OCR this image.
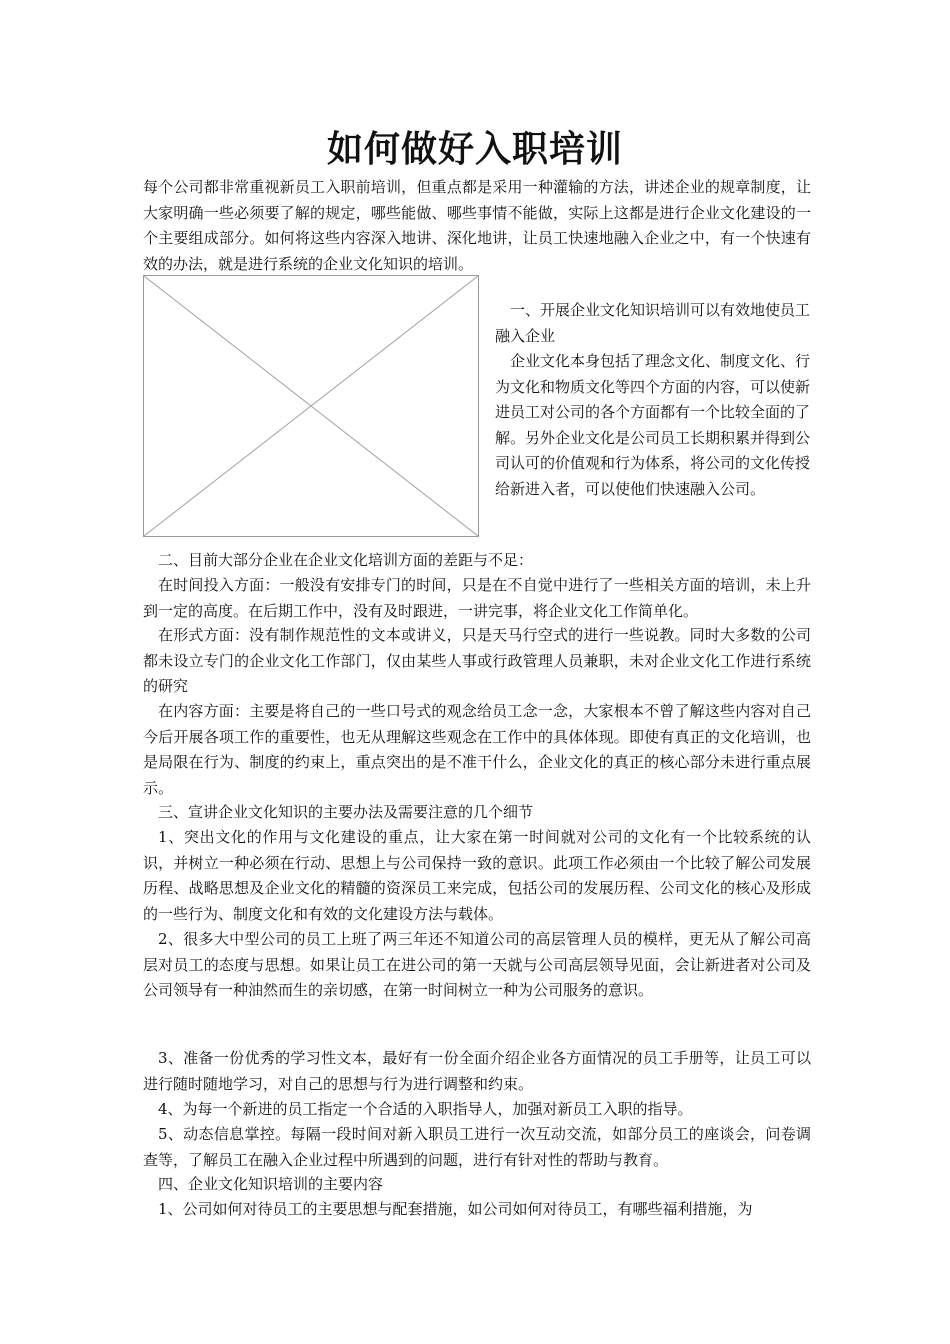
如何做好入职培训

每个公司都非常重视新员工入职前培训，但重点都是采用一种灌输的方法，讲述企业的规章制度，让大家明确一些必须要了解的规定，哪些能做、哪些事情不能做，实际上这都是进行企业文化建设的一个主要组成部分。如何将这些内容深入地讲、深化地讲，让员工快速地融入企业之中，有一个快速有效的办法，就是进行系统的企业文化知识的培训。

一、开展企业文化知识培训可以有效地使员工融入企业

企业文化本身包括了理念文化、制度文化、行为文化和物质文化等四个方面的内容，可以使新进员工对公司的各个方面都有一个比较全面的了解。另外企业文化是公司员工长期积累并得到公司认可的价值观和行为体系，将公司的文化传授给新进入者，可以使他们快速融入公司。

二、目前大部分企业在企业文化培训方面的差距与不足：

在时间投入方面：一般没有安排专门的时间，只是在不自觉中进行了一些相关方面的培训，未上升到一定的高度。在后期工作中，没有及时跟进，一讲完事，将企业文化工作简单化。

在形式方面：没有制作规范性的文本或讲义，只是天马行空式的进行一些说教。同时大多数的公司都未设立专门的企业文化工作部门，仅由某些人事或行政管理人员兼职，未对企业文化工作进行系统的研究

在内容方面：主要是将自己的一些口号式的观念给员工念一念，大家根本不曾了解这些内容对自己今后开展各项工作的重要性，也无从理解这些观念在工作中的具体体现。即使有真正的文化培训，也是局限在行为、制度的约束上，重点突出的是不准干什么，企业文化的真正的核心部分未进行重点展示。

三、宣讲企业文化知识的主要办法及需要注意的几个细节

1、突出文化的作用与文化建设的重点，让大家在第一时间就对公司的文化有一个比较系统的认识，并树立一种必须在行动、思想上与公司保持一致的意识。此项工作必须由一个比较了解公司发展历程、战略思想及企业文化的精髓的资深员工来完成，包括公司的发展历程、公司文化的核心及形成的一些行为、制度文化和有效的文化建设方法与载体。

2、很多大中型公司的员工上班了两三年还不知道公司的高层管理人员的模样，更无从了解公司高层对员工的态度与思想。如果让员工在进公司的第一天就与公司高层领导见面，会让新进者对公司及公司领导有一种油然而生的亲切感，在第一时间树立一种为公司服务的意识。

3、准备一份优秀的学习性文本，最好有一份全面介绍企业各方面情况的员工手册等，让员工可以进行随时随地学习，对自己的思想与行为进行调整和约束。

4、为每一个新进的员工指定一个合适的入职指导人，加强对新员工入职的指导。

5、动态信息掌控。每隔一段时间对新入职员工进行一次互动交流，如部分员工的座谈会，问卷调查等，了解员工在融入企业过程中所遇到的问题，进行有针对性的帮助与教育。

四、企业文化知识培训的主要内容

1、公司如何对待员工的主要思想与配套措施，如公司如何对待员工，有哪些福利措施，为
